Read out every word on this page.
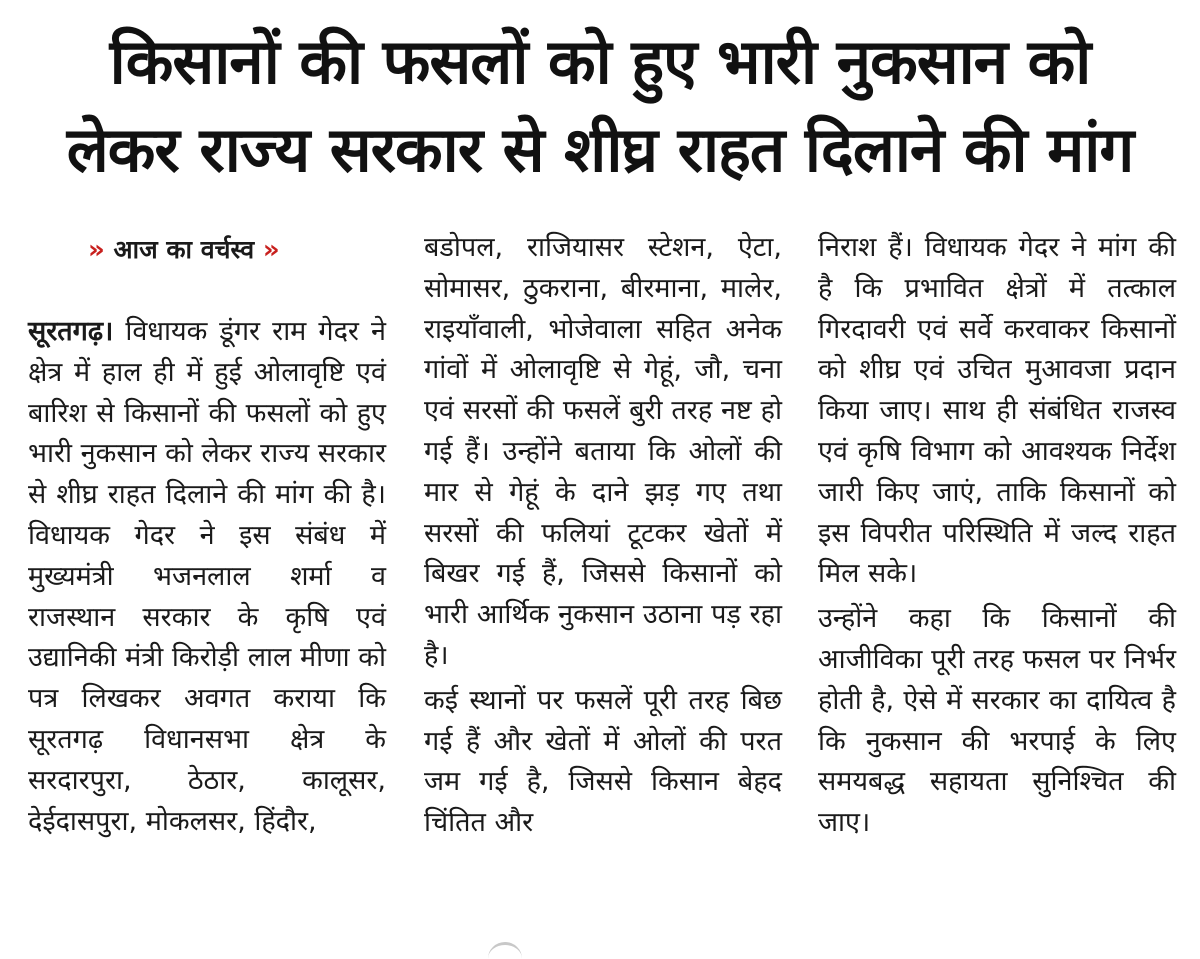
किसानों की फसलों को हुए भारी नुकसान को
लेकर राज्य सरकार से शीघ्र राहत दिलाने की मांग
» आज का वर्चस्व »

सूरतगढ़। विधायक डूंगर राम गेदर ने क्षेत्र में हाल ही में हुई ओलावृष्टि एवं बारिश से किसानों की फसलों को हुए भारी नुकसान को लेकर राज्य सरकार से शीघ्र राहत दिलाने की मांग की है। विधायक गेदर ने इस संबंध में मुख्यमंत्री भजनलाल शर्मा व राजस्थान सरकार के कृषि एवं उद्यानिकी मंत्री किरोड़ी लाल मीणा को पत्र लिखकर अवगत कराया कि सूरतगढ़ विधानसभा क्षेत्र के सरदारपुरा, ठेठार, कालूसर, देईदासपुरा, मोकलसर, हिंदौर,

बडोपल, राजियासर स्टेशन, ऐटा, सोमासर, ठुकराना, बीरमाना, मालेर, राइयाँवाली, भोजेवाला सहित अनेक गांवों में ओलावृष्टि से गेहूं, जौ, चना एवं सरसों की फसलें बुरी तरह नष्ट हो गई हैं। उन्होंने बताया कि ओलों की मार से गेहूं के दाने झड़ गए तथा सरसों की फलियां टूटकर खेतों में बिखर गई हैं, जिससे किसानों को भारी आर्थिक नुकसान उठाना पड़ रहा है।

कई स्थानों पर फसलें पूरी तरह बिछ गई हैं और खेतों में ओलों की परत जम गई है, जिससे किसान बेहद चिंतित और

निराश हैं। विधायक गेदर ने मांग की है कि प्रभावित क्षेत्रों में तत्काल गिरदावरी एवं सर्वे करवाकर किसानों को शीघ्र एवं उचित मुआवजा प्रदान किया जाए। साथ ही संबंधित राजस्व एवं कृषि विभाग को आवश्यक निर्देश जारी किए जाएं, ताकि किसानों को इस विपरीत परिस्थिति में जल्द राहत मिल सके।

उन्होंने कहा कि किसानों की आजीविका पूरी तरह फसल पर निर्भर होती है, ऐसे में सरकार का दायित्व है कि नुकसान की भरपाई के लिए समयबद्ध सहायता सुनिश्चित की जाए।
